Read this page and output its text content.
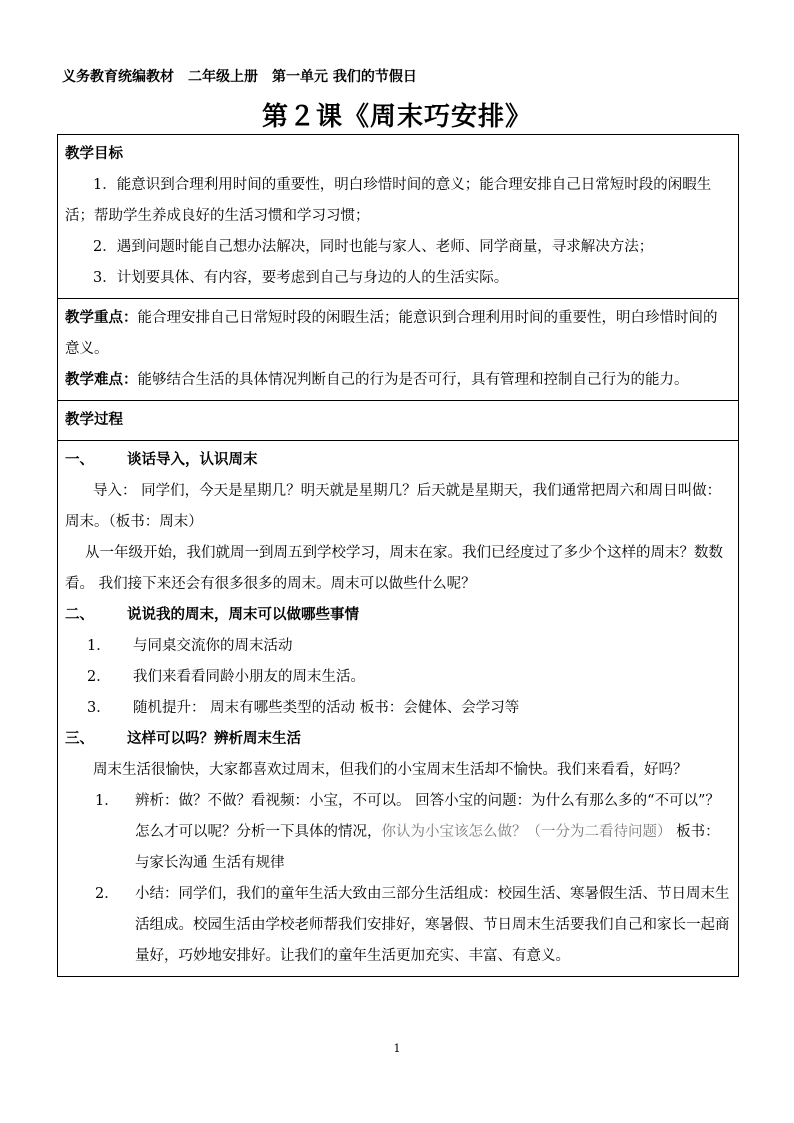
义务教育统编教材　二年级上册　第一单元 我们的节假日
第２课《周末巧安排》
教学目标
1．能意识到合理利用时间的重要性，明白珍惜时间的意义；能合理安排自己日常短时段的闲暇生活；帮助学生养成良好的生活习惯和学习习惯；
2．遇到问题时能自己想办法解决，同时也能与家人、老师、同学商量，寻求解决方法；
3．计划要具体、有内容，要考虑到自己与身边的人的生活实际。

教学重点：能合理安排自己日常短时段的闲暇生活；能意识到合理利用时间的重要性，明白珍惜时间的意义。
教学难点：能够结合生活的具体情况判断自己的行为是否可行，具有管理和控制自己行为的能力。

教学过程

一、	谈话导入，认识周末
导入： 同学们，今天是星期几？明天就是星期几？后天就是星期天，我们通常把周六和周日叫做：周末。（板书：周末）
从一年级开始，我们就周一到周五到学校学习，周末在家。我们已经度过了多少个这样的周末？数数看。 我们接下来还会有很多很多的周末。周末可以做些什么呢？
二、	说说我的周末，周末可以做哪些事情
1．	与同桌交流你的周末活动
2．	我们来看看同龄小朋友的周末生活。
3．	随机提升： 周末有哪些类型的活动 板书：会健体、会学习等
三、	这样可以吗？辨析周末生活
周末生活很愉快，大家都喜欢过周末，但我们的小宝周末生活却不愉快。我们来看看，好吗？
1．	辨析：做？不做？看视频：小宝，不可以。 回答小宝的问题：为什么有那么多的“不可以”？怎么才可以呢？分析一下具体的情况，你认为小宝该怎么做？（一分为二看待问题） 板书：与家长沟通 生活有规律
2．	小结：同学们，我们的童年生活大致由三部分生活组成：校园生活、寒暑假生活、节日周末生活组成。校园生活由学校老师帮我们安排好，寒暑假、节日周末生活要我们自己和家长一起商量好，巧妙地安排好。让我们的童年生活更加充实、丰富、有意义。
1
